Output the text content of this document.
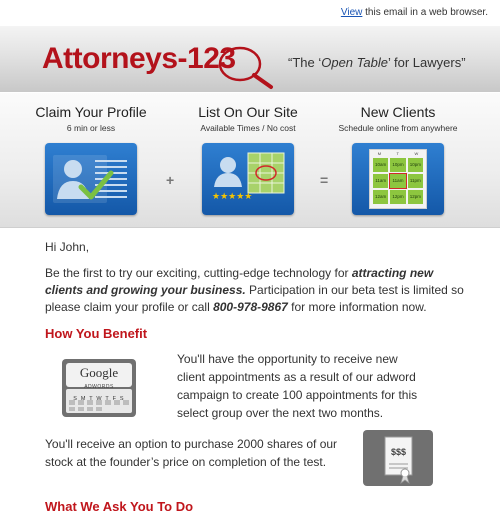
View this email in a web browser.
Attorneys-123	“The ‘Open Table’ for Lawyers”
Claim Your Profile
6 min or less
+
List On Our Site
Available Times / No cost
★★★★★
=
New Clients
Schedule online from anywhere
M	T	W
10am	10pm	10pm
11am	11am	11pm
12am	12pm	12pm
Hi John,
Be the first to try our exciting, cutting-edge technology for attracting new clients and growing your business. Participation in our beta test is limited so please claim your profile or call 800-978-9867 for more information now.
How You Benefit
Google
ADWORDS
S M T W T F S
You'll have the opportunity to receive new client appointments as a result of our adword campaign to create 100 appointments for this select group over the next two months.
You'll receive an option to purchase 2000 shares of our stock at the founder’s price on completion of the test.
$$$
What We Ask You To Do
